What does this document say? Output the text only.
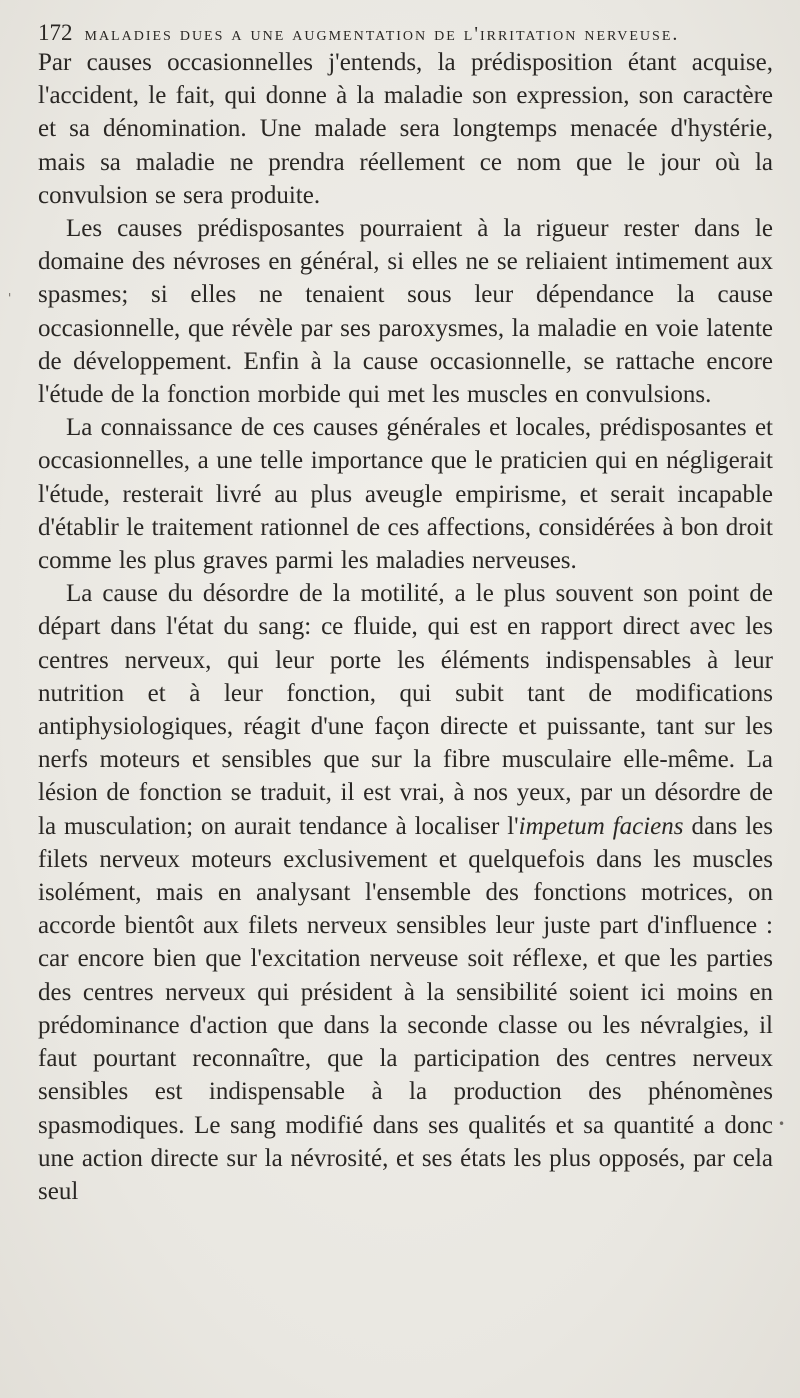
172 maladies dues a une augmentation de l'irritation nerveuse.

Par causes occasionnelles j'entends, la prédisposition étant acquise, l'accident, le fait, qui donne à la maladie son expression, son caractère et sa dénomination. Une malade sera longtemps menacée d'hystérie, mais sa maladie ne prendra réellement ce nom que le jour où la convulsion se sera produite.

Les causes prédisposantes pourraient à la rigueur rester dans le domaine des névroses en général, si elles ne se reliaient intimement aux spasmes; si elles ne tenaient sous leur dépendance la cause occasionnelle, que révèle par ses paroxysmes, la maladie en voie latente de développement. Enfin à la cause occasionnelle, se rattache encore l'étude de la fonction morbide qui met les muscles en convulsions.

La connaissance de ces causes générales et locales, prédisposantes et occasionnelles, a une telle importance que le praticien qui en négligerait l'étude, resterait livré au plus aveugle empirisme, et serait incapable d'établir le traitement rationnel de ces affections, considérées à bon droit comme les plus graves parmi les maladies nerveuses.

La cause du désordre de la motilité, a le plus souvent son point de départ dans l'état du sang: ce fluide, qui est en rapport direct avec les centres nerveux, qui leur porte les éléments indispensables à leur nutrition et à leur fonction, qui subit tant de modifications antiphysiologiques, réagit d'une façon directe et puissante, tant sur les nerfs moteurs et sensibles que sur la fibre musculaire elle-même. La lésion de fonction se traduit, il est vrai, à nos yeux, par un désordre de la musculation; on aurait tendance à localiser l'impetum faciens dans les filets nerveux moteurs exclusivement et quelquefois dans les muscles isolément, mais en analysant l'ensemble des fonctions motrices, on accorde bientôt aux filets nerveux sensibles leur juste part d'influence : car encore bien que l'excitation nerveuse soit réflexe, et que les parties des centres nerveux qui président à la sensibilité soient ici moins en prédominance d'action que dans la seconde classe ou les névralgies, il faut pourtant reconnaître, que la participation des centres nerveux sensibles est indispensable à la production des phénomènes spasmodiques. Le sang modifié dans ses qualités et sa quantité a donc une action directe sur la névrosité, et ses états les plus opposés, par cela seul

'
•
